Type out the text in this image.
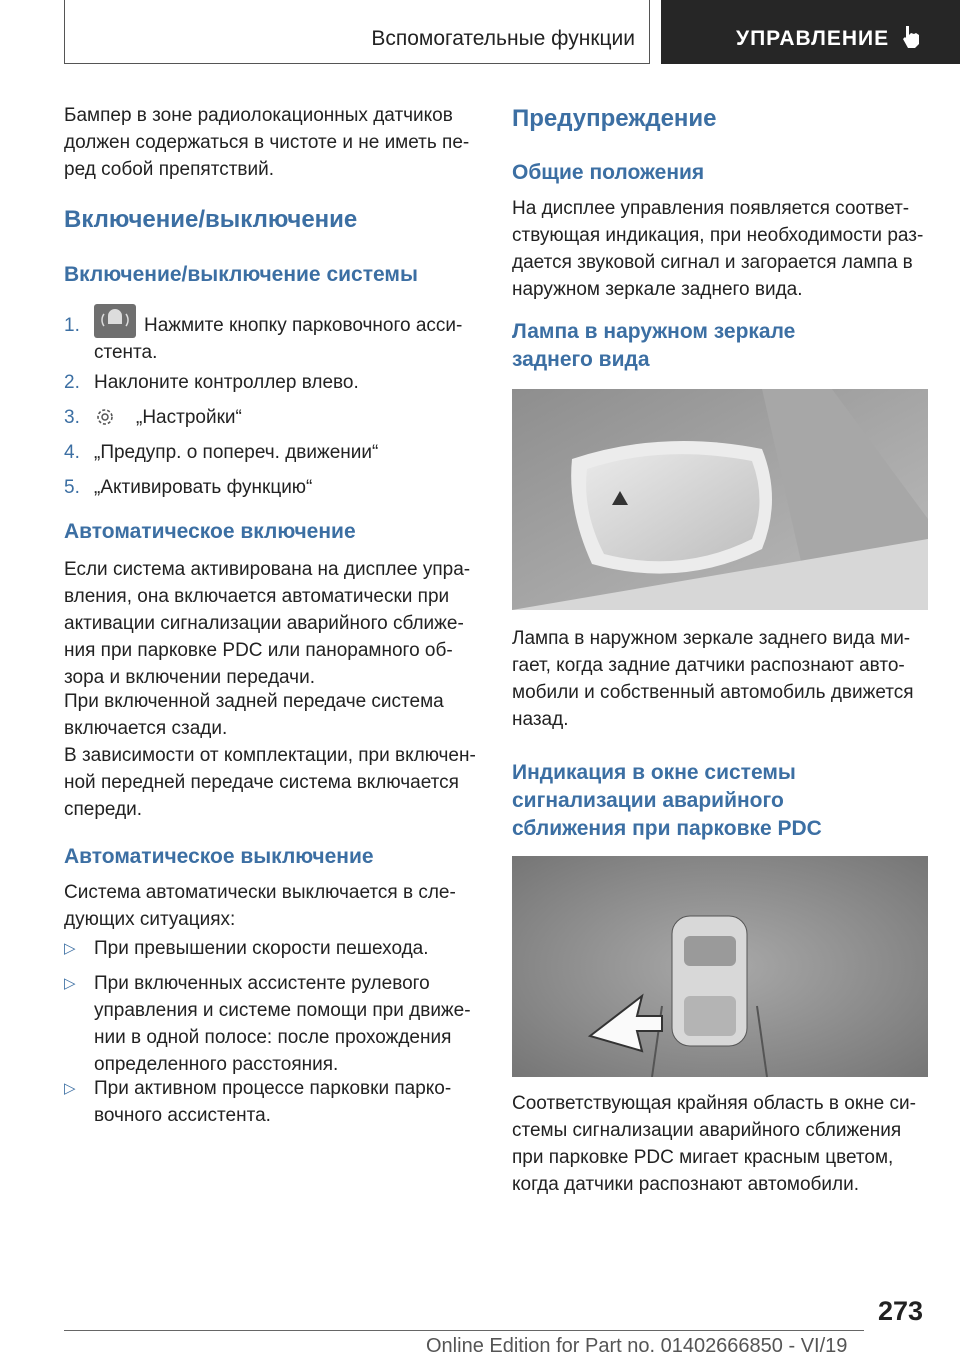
Вспомогательные функции	УПРАВЛЕНИЕ

Бампер в зоне радиолокационных датчиков

должен содержаться в чистоте и не иметь пе-

ред собой препятствий.

Включение/выключение
Включение/выключение системы
1.	Нажмите кнопку парковочного асси-
стента.
2. Наклоните контроллер влево.
3.	„Настройки“
4. „Предупр. о попереч. движении“
5. „Активировать функцию“
Автоматическое включение

Если система активирована на дисплее упра-

вления, она включается автоматически при

активации сигнализации аварийного сближе-

ния при парковке PDC или панорамного об-

зора и включении передачи.

При включенной задней передаче система

включается сзади.

В зависимости от комплектации, при включен-

ной передней передаче система включается

спереди.

Автоматическое выключение

Система автоматически выключается в сле-

дующих ситуациях:

▷ При превышении скорости пешехода.
▷ При включенных ассистенте рулевого
управления и системе помощи при движе-
нии в одной полосе: после прохождения
определенного расстояния.
▷ При активном процессе парковки парко-
вочного ассистента.
Предупреждение
Общие положения

На дисплее управления появляется соответ-

ствующая индикация, при необходимости раз-

дается звуковой сигнал и загорается лампа в

наружном зеркале заднего вида.

Лампа в наружном зеркале
заднего вида

Лампа в наружном зеркале заднего вида ми-

гает, когда задние датчики распознают авто-

мобили и собственный автомобиль движется

назад.

Индикация в окне системы
сигнализации аварийного
сближения при парковке PDC

Соответствующая крайняя область в окне си-

стемы сигнализации аварийного сближения

при парковке PDC мигает красным цветом,

когда датчики распознают автомобили.

273
Online Edition for Part no. 01402666850 - VI/19
